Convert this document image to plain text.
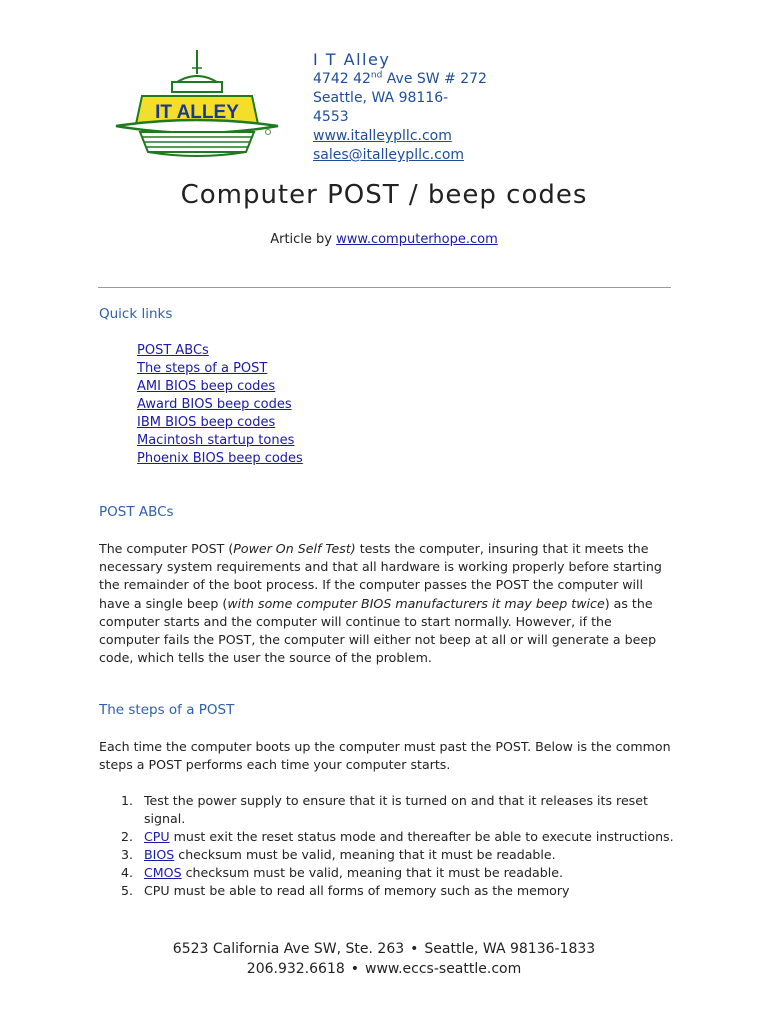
IT ALLEY
I T Alley
4742 42nd Ave SW # 272
Seattle, WA 98116-
4553
www.italleypllc.com
sales@italleypllc.com
Computer POST / beep codes
Article by www.computerhope.com
Quick links
POST ABCs
The steps of a POST
AMI BIOS beep codes
Award BIOS beep codes
IBM BIOS beep codes
Macintosh startup tones
Phoenix BIOS beep codes
POST ABCs

The computer POST (Power On Self Test) tests the computer, insuring that it meets the necessary system requirements and that all hardware is working properly before starting the remainder of the boot process. If the computer passes the POST the computer will have a single beep (with some computer BIOS manufacturers it may beep twice) as the computer starts and the computer will continue to start normally. However, if the computer fails the POST, the computer will either not beep at all or will generate a beep code, which tells the user the source of the problem.

The steps of a POST

Each time the computer boots up the computer must past the POST. Below is the common steps a POST performs each time your computer starts.

1. Test the power supply to ensure that it is turned on and that it releases its reset signal.
2. CPU must exit the reset status mode and thereafter be able to execute instructions.
3. BIOS checksum must be valid, meaning that it must be readable.
4. CMOS checksum must be valid, meaning that it must be readable.
5. CPU must be able to read all forms of memory such as the memory
6523 California Ave SW, Ste. 263 • Seattle, WA 98136-1833
206.932.6618 • www.eccs-seattle.com
